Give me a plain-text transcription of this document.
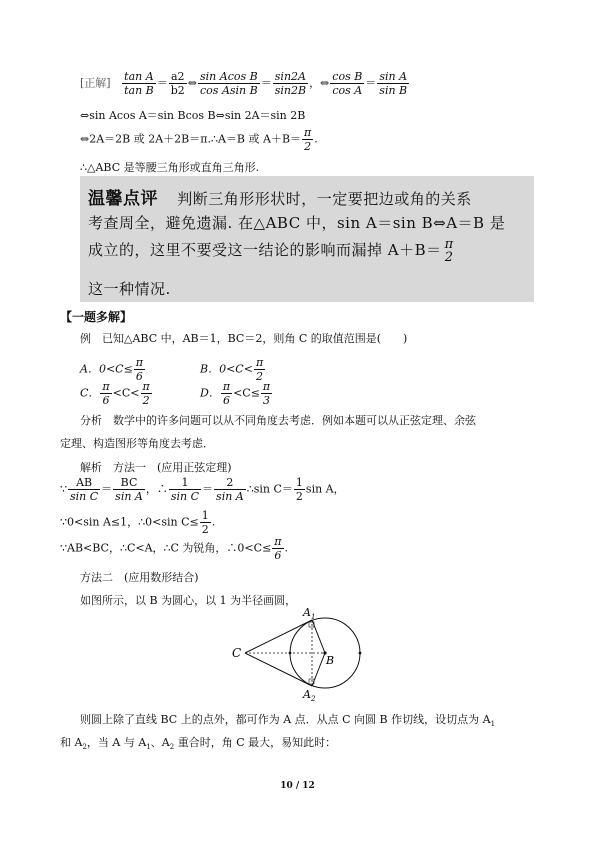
[正解] $\frac{\text{tan A}}{\text{tan B}} = \frac{a2}{b2}$ ⇔ $\frac{\text{sin Acos B}}{\text{cos Asin B}} = \frac{\sin 2A}{\sin 2B}$ ，⇔ $\frac{\text{cos B}}{\text{cos A}} = \frac{\text{sin A}}{\text{sin B}}$
⇔sin Acos A＝sin Bcos B⇔sin 2A＝sin 2B
⇔2A＝2B 或 2A＋2B＝π.∴A＝B 或 $A+B= \frac{\pi}{2}$ .
∴△ABC 是等腰三角形或直角三角形.
温馨点评 判断三角形形状时，一定要把边或角的关系
考查周全，避免遗漏. 在△ABC 中，sin A＝sin B⇔A＝B 是
成立的，这里不要受这一结论的影响而漏掉 A＋B＝ π
2
这一种情况.
【一题多解】
例　已知△ABC 中，AB＝1，BC＝2，则角 C 的取值范围是(　　)
A．$0<C\le \frac{\pi}{6}$	B．$0<C< \frac{\pi}{2}$
C． $\frac{\pi}{6} <C< \frac{\pi}{2}$	D． $\frac{\pi}{6} <C\le \frac{\pi}{3}$
分析　数学中的许多问题可以从不同角度去考虑．例如本题可以从正弦定理、余弦
定理、构造图形等角度去考虑．
解析　方法一　(应用正弦定理)
∵ $\frac{AB}{\text{sin C}} = \frac{BC}{\text{sin A}}$ ，∴ $\frac{1}{\text{sin C}} = \frac{2}{\text{sin A}}$ ∴sin $C= \frac{1}{2}$ sin A，
∵0<sin A≤1，∴0<sin $C\le \frac{1}{2}$ .
∵AB<BC，∴C<A，∴C 为锐角，∴0<C≤ $\frac{\pi}{6}$ .
方法二　(应用数形结合)
如图所示，以 B 为圆心，以 1 为半径画圆，
C
B
$A_1$
$A_2$
则圆上除了直线 BC 上的点外，都可作为 A 点．从点 C 向圆 B 作切线，设切点为 $A_1$
和 $A_2$，当 A 与 $A_1$、$A_2$ 重合时，角 C 最大，易知此时：
10 / 12
